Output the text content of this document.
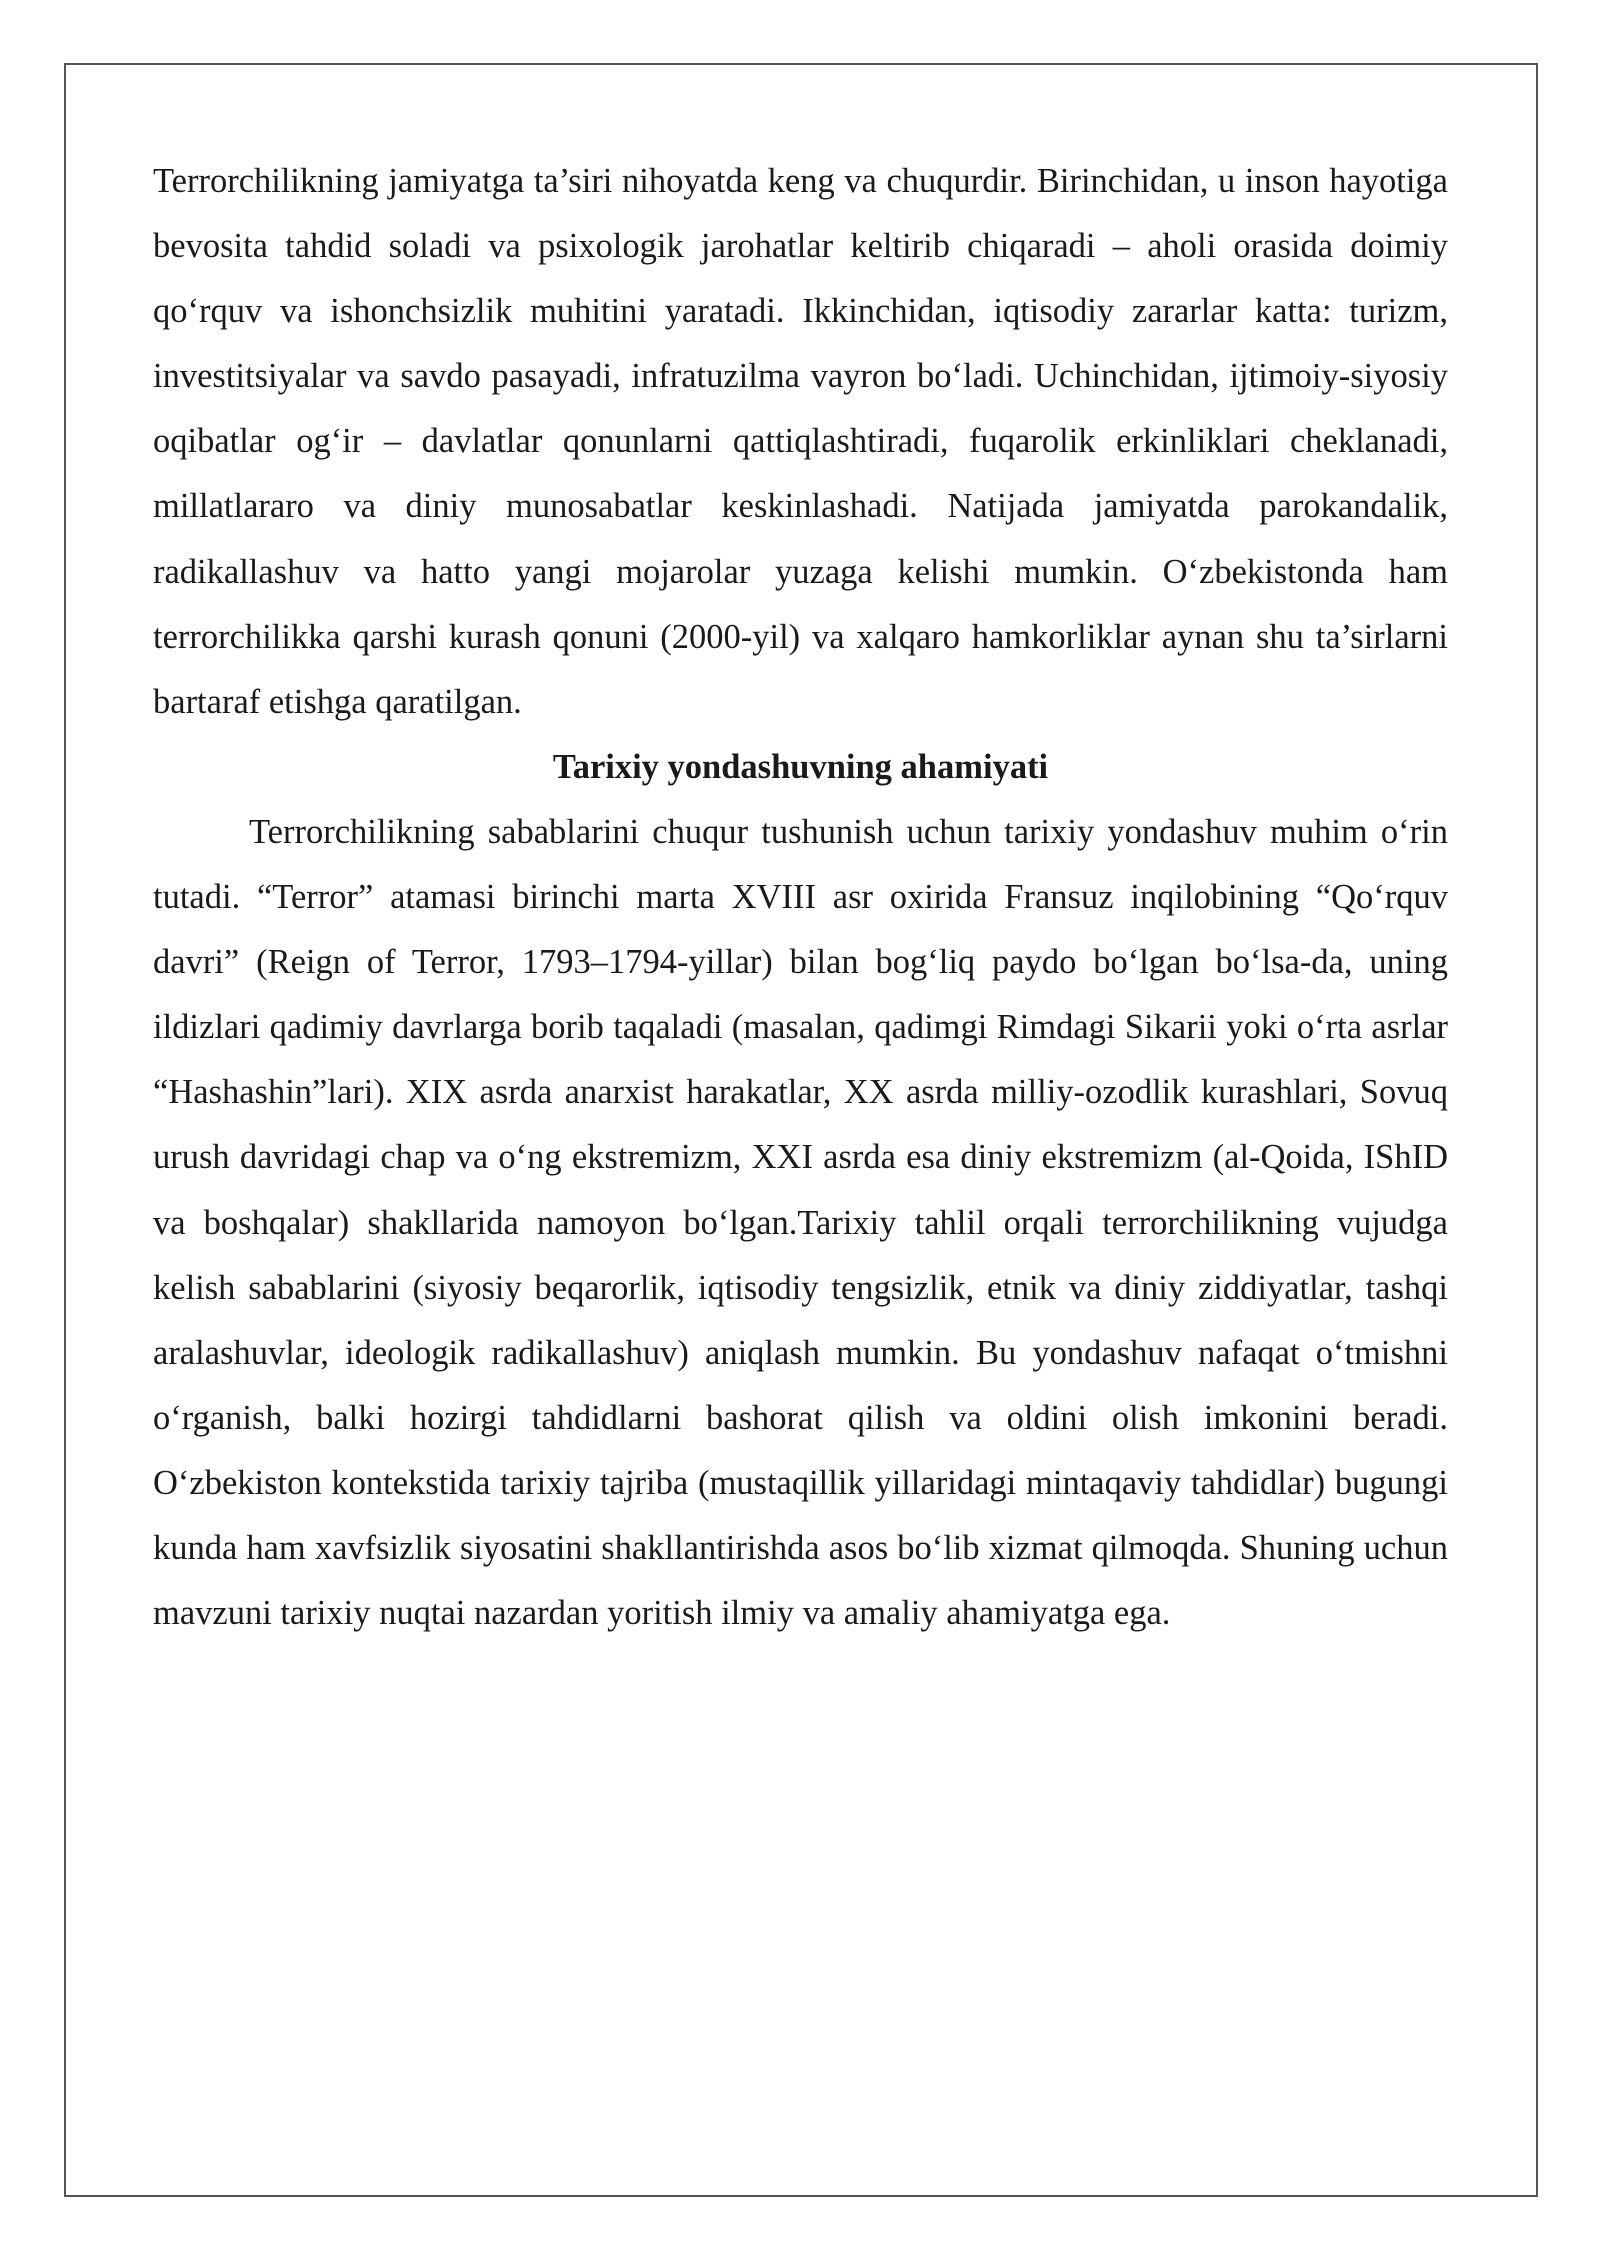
Terrorchilikning jamiyatga ta’siri nihoyatda keng va chuqurdir. Birinchidan, u inson hayotiga bevosita tahdid soladi va psixologik jarohatlar keltirib chiqaradi – aholi orasida doimiy qo‘rquv va ishonchsizlik muhitini yaratadi. Ikkinchidan, iqtisodiy zararlar katta: turizm, investitsiyalar va savdo pasayadi, infratuzilma vayron bo‘ladi. Uchinchidan, ijtimoiy-siyosiy oqibatlar og‘ir – davlatlar qonunlarni qattiqlashtiradi, fuqarolik erkinliklari cheklanadi, millatlararo va diniy munosabatlar keskinlashadi. Natijada jamiyatda parokandalik, radikallashuv va hatto yangi mojarolar yuzaga kelishi mumkin. O‘zbekistonda ham terrorchilikka qarshi kurash qonuni (2000-yil) va xalqaro hamkorliklar aynan shu ta’sirlarni bartaraf etishga qaratilgan.

Tarixiy yondashuvning ahamiyati

Terrorchilikning sabablarini chuqur tushunish uchun tarixiy yondashuv muhim o‘rin tutadi. “Terror” atamasi birinchi marta XVIII asr oxirida Fransuz inqilobining “Qo‘rquv davri” (Reign of Terror, 1793–1794-yillar) bilan bog‘liq paydo bo‘lgan bo‘lsa-da, uning ildizlari qadimiy davrlarga borib taqaladi (masalan, qadimgi Rimdagi Sikarii yoki o‘rta asrlar “Hashashin”lari). XIX asrda anarxist harakatlar, XX asrda milliy-ozodlik kurashlari, Sovuq urush davridagi chap va o‘ng ekstremizm, XXI asrda esa diniy ekstremizm (al-Qoida, IShID va boshqalar) shakllarida namoyon bo‘lgan.Tarixiy tahlil orqali terrorchilikning vujudga kelish sabablarini (siyosiy beqarorlik, iqtisodiy tengsizlik, etnik va diniy ziddiyatlar, tashqi aralashuvlar, ideologik radikallashuv) aniqlash mumkin. Bu yondashuv nafaqat o‘tmishni o‘rganish, balki hozirgi tahdidlarni bashorat qilish va oldini olish imkonini beradi. O‘zbekiston kontekstida tarixiy tajriba (mustaqillik yillaridagi mintaqaviy tahdidlar) bugungi kunda ham xavfsizlik siyosatini shakllantirishda asos bo‘lib xizmat qilmoqda. Shuning uchun mavzuni tarixiy nuqtai nazardan yoritish ilmiy va amaliy ahamiyatga ega.
